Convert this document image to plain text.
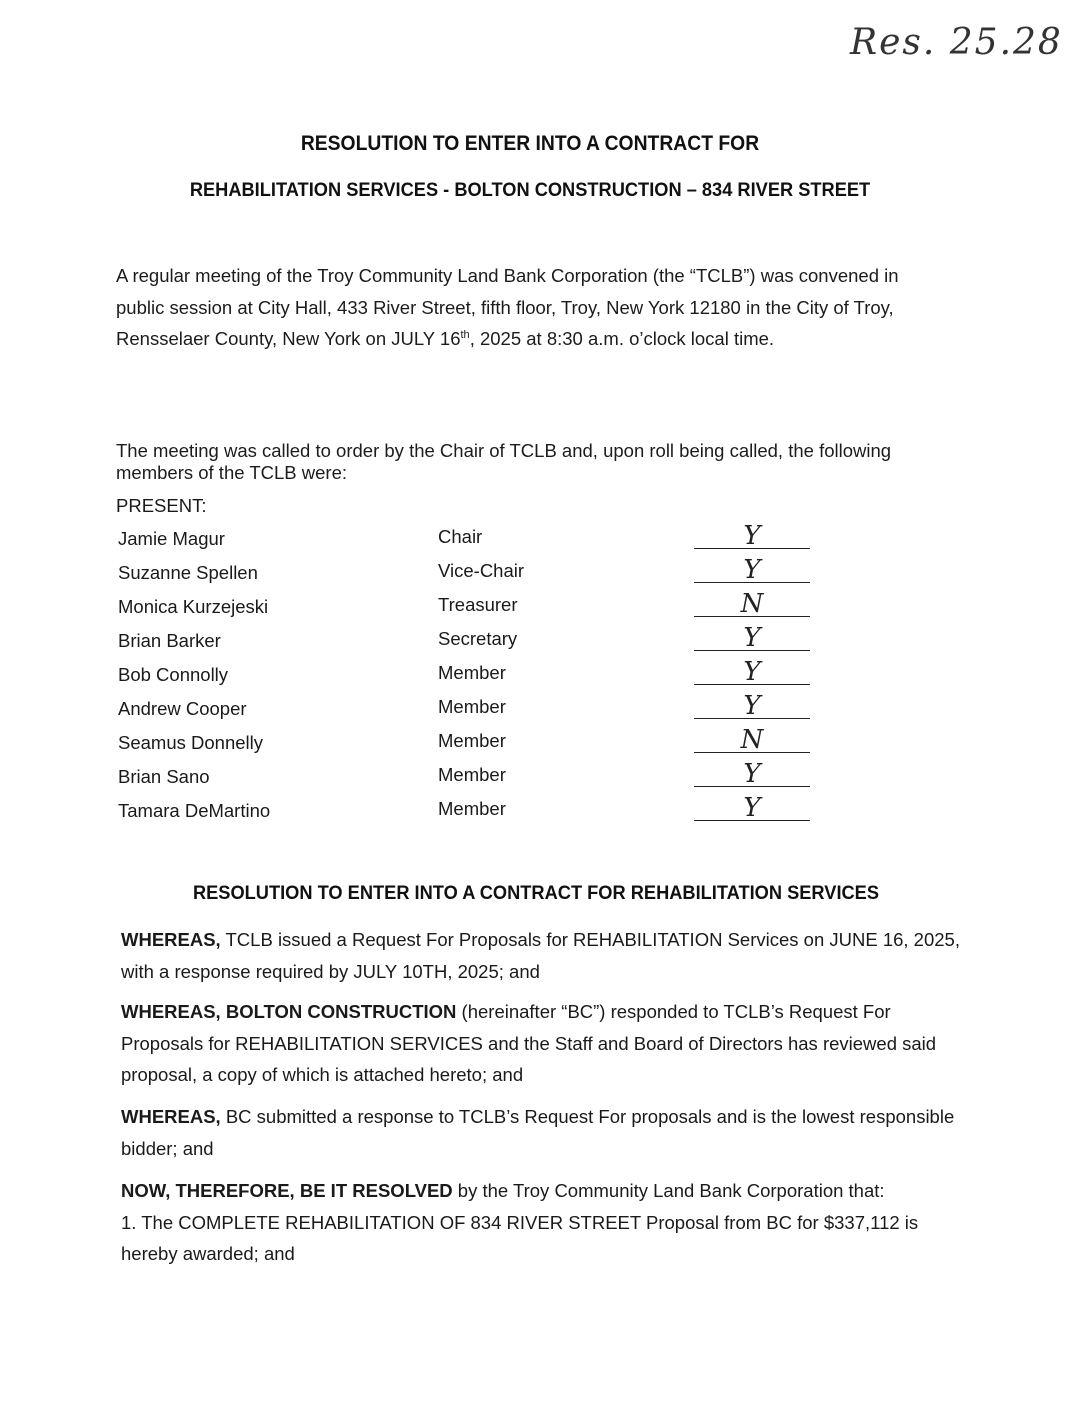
Res. 25.28
RESOLUTION TO ENTER INTO A CONTRACT FOR
REHABILITATION SERVICES - BOLTON CONSTRUCTION – 834 RIVER STREET
A regular meeting of the Troy Community Land Bank Corporation (the “TCLB”) was convened in public session at City Hall, 433 River Street, fifth floor, Troy, New York 12180 in the City of Troy, Rensselaer County, New York on JULY 16th, 2025 at 8:30 a.m. o’clock local time.
The meeting was called to order by the Chair of TCLB and, upon roll being called, the following members of the TCLB were:
PRESENT:
Jamie Magur	Chair	Y
Suzanne Spellen	Vice-Chair	Y
Monica Kurzejeski	Treasurer	N
Brian Barker	Secretary	Y
Bob Connolly	Member	Y
Andrew Cooper	Member	Y
Seamus Donnelly	Member	N
Brian Sano	Member	Y
Tamara DeMartino	Member	Y
RESOLUTION TO ENTER INTO A CONTRACT FOR REHABILITATION SERVICES
WHEREAS, TCLB issued a Request For Proposals for REHABILITATION Services on JUNE 16, 2025, with a response required by JULY 10TH, 2025; and
WHEREAS, BOLTON CONSTRUCTION (hereinafter “BC”) responded to TCLB’s Request For Proposals for REHABILITATION SERVICES and the Staff and Board of Directors has reviewed said proposal, a copy of which is attached hereto; and
WHEREAS, BC submitted a response to TCLB’s Request For proposals and is the lowest responsible bidder; and
NOW, THEREFORE, BE IT RESOLVED by the Troy Community Land Bank Corporation that:
1. The COMPLETE REHABILITATION OF 834 RIVER STREET Proposal from BC for $337,112 is hereby awarded; and
